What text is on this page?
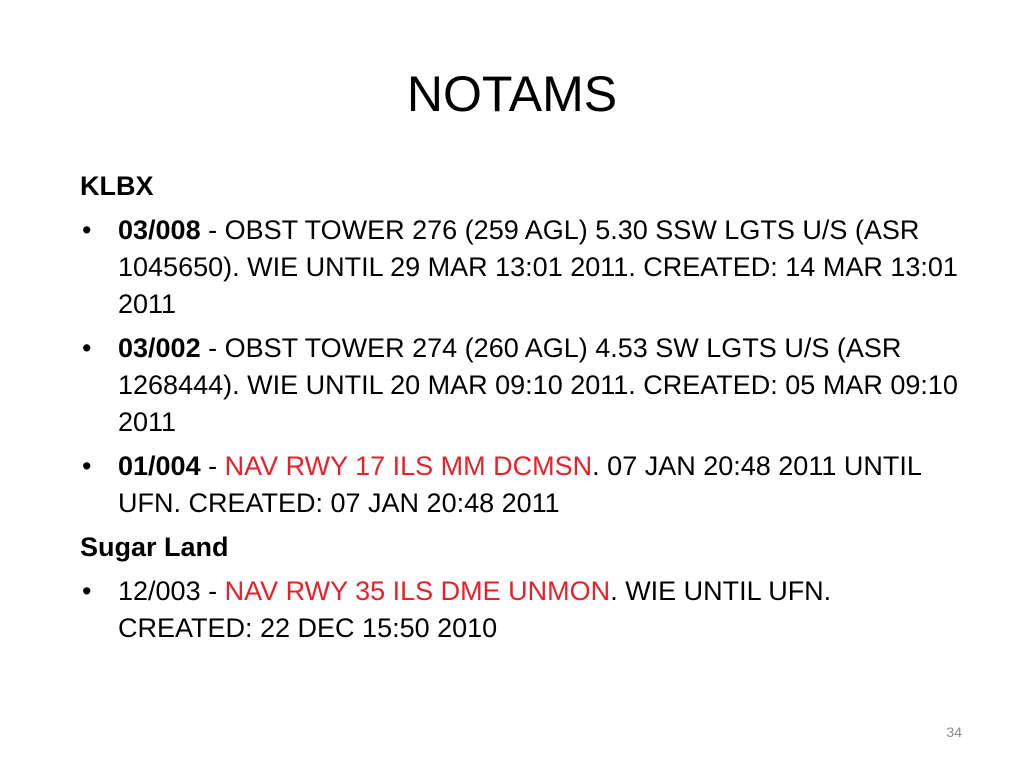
NOTAMS
KLBX
• 03/008 - OBST TOWER 276 (259 AGL) 5.30 SSW LGTS U/S (ASR 1045650). WIE UNTIL 29 MAR 13:01 2011. CREATED: 14 MAR 13:01 2011
• 03/002 - OBST TOWER 274 (260 AGL) 4.53 SW LGTS U/S (ASR 1268444). WIE UNTIL 20 MAR 09:10 2011. CREATED: 05 MAR 09:10 2011
• 01/004 - NAV RWY 17 ILS MM DCMSN. 07 JAN 20:48 2011 UNTIL UFN. CREATED: 07 JAN 20:48 2011
Sugar Land
• 12/003 - NAV RWY 35 ILS DME UNMON. WIE UNTIL UFN. CREATED: 22 DEC 15:50 2010
34
